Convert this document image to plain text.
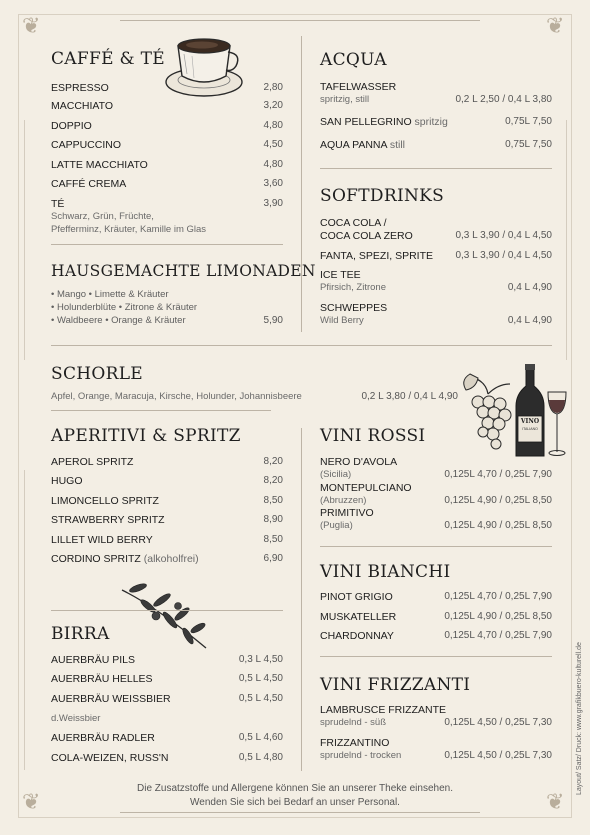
❦	❦
❦	❦
CAFFÉ & TÉ
ESPRESSO	2,80
MACCHIATO	3,20
DOPPIO	4,80
CAPPUCCINO	4,50
LATTE MACCHIATO	4,80
CAFFÉ CREMA	3,60
TÉ	3,90
Schwarz, Grün, Früchte,
Pfefferminz, Kräuter, Kamille im Glas
HAUSGEMACHTE LIMONADEN
• Mango • Limette & Kräuter
• Holunderblüte • Zitrone & Kräuter
• Waldbeere • Orange & Kräuter	5,90
ACQUA
TAFELWASSER
spritzig, still	0,2 L 2,50 / 0,4 L 3,80
SAN PELLEGRINO spritzig	0,75L 7,50
AQUA PANNA still	0,75L 7,50
SOFTDRINKS
COCA COLA /
COCA COLA ZERO	0,3 L 3,90 / 0,4 L 4,50
FANTA, SPEZI, SPRITE	0,3 L 3,90 / 0,4 L 4,50
ICE TEE
Pfirsich, Zitrone	0,4 L 4,90
SCHWEPPES
Wild Berry	0,4 L 4,90
SCHORLE
Apfel, Orange, Maracuja, Kirsche, Holunder, Johannisbeere	0,2 L 3,80 / 0,4 L 4,90
VINO
ITALIANO
APERITIVI & SPRITZ
APEROL SPRITZ	8,20
HUGO	8,20
LIMONCELLO SPRITZ	8,50
STRAWBERRY SPRITZ	8,90
LILLET WILD BERRY	8,50
CORDINO SPRITZ (alkoholfrei)	6,90
BIRRA
AUERBRÄU PILS	0,3 L 4,50
AUERBRÄU HELLES	0,5 L 4,50
AUERBRÄU WEISSBIER	0,5 L 4,50
d.Weissbier
AUERBRÄU RADLER	0,5 L 4,60
COLA-WEIZEN, RUSS'N	0,5 L 4,80
VINI ROSSI
NERO D'AVOLA
(Sicilia)	0,125L 4,70 / 0,25L 7,90
MONTEPULCIANO
(Abruzzen)	0,125L 4,90 / 0,25L 8,50
PRIMITIVO
(Puglia)	0,125L 4,90 / 0,25L 8,50
VINI BIANCHI
PINOT GRIGIO	0,125L 4,70 / 0,25L 7,90
MUSKATELLER	0,125L 4,90 / 0,25L 8,50
CHARDONNAY	0,125L 4,70 / 0,25L 7,90
VINI FRIZZANTI
LAMBRUSCE FRIZZANTE
sprudelnd - süß	0,125L 4,50 / 0,25L 7,30
FRIZZANTINO
sprudelnd - trocken	0,125L 4,50 / 0,25L 7,30
Die Zusatzstoffe und Allergene können Sie an unserer Theke einsehen.
Wenden Sie sich bei Bedarf an unser Personal.
Layout/ Satz/ Druck: www.grafikbuero-kulturell.de
